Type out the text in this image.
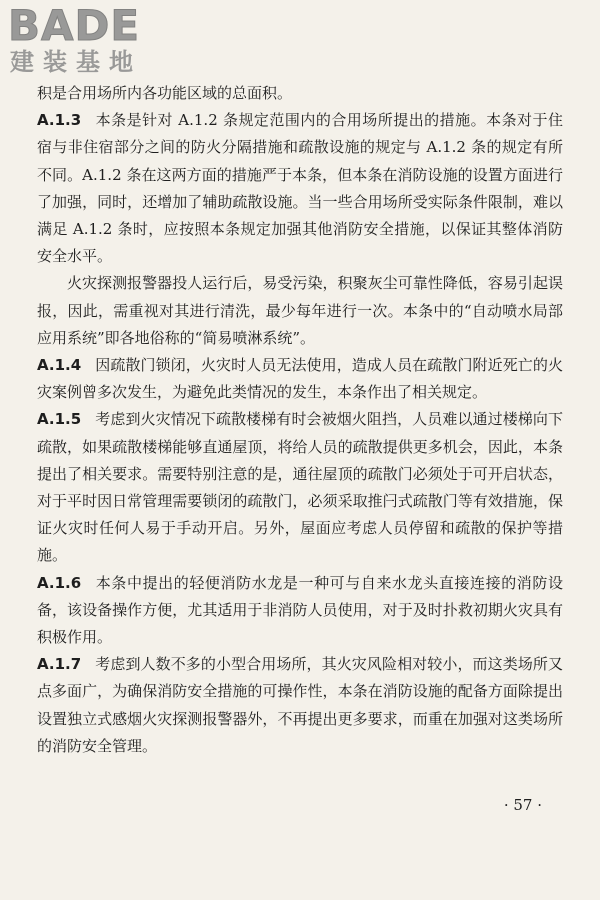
BADE
建装基地

积是合用场所内各功能区域的总面积。

A.1.3 本条是针对 A.1.2 条规定范围内的合用场所提出的措施。本条对于住宿与非住宿部分之间的防火分隔措施和疏散设施的规定与 A.1.2 条的规定有所不同。A.1.2 条在这两方面的措施严于本条，但本条在消防设施的设置方面进行了加强，同时，还增加了辅助疏散设施。当一些合用场所受实际条件限制，难以满足 A.1.2 条时，应按照本条规定加强其他消防安全措施，以保证其整体消防安全水平。

火灾探测报警器投人运行后，易受污染，积聚灰尘可靠性降低，容易引起误报，因此，需重视对其进行清洗，最少每年进行一次。本条中的“自动喷水局部应用系统”即各地俗称的“简易喷淋系统”。

A.1.4 因疏散门锁闭，火灾时人员无法使用，造成人员在疏散门附近死亡的火灾案例曾多次发生，为避免此类情况的发生，本条作出了相关规定。

A.1.5 考虑到火灾情况下疏散楼梯有时会被烟火阻挡，人员难以通过楼梯向下疏散，如果疏散楼梯能够直通屋顶，将给人员的疏散提供更多机会，因此，本条提出了相关要求。需要特别注意的是，通往屋顶的疏散门必须处于可开启状态，对于平时因日常管理需要锁闭的疏散门，必须采取推闩式疏散门等有效措施，保证火灾时任何人易于手动开启。另外，屋面应考虑人员停留和疏散的保护等措施。

A.1.6 本条中提出的轻便消防水龙是一种可与自来水龙头直接连接的消防设备，该设备操作方便，尤其适用于非消防人员使用，对于及时扑救初期火灾具有积极作用。

A.1.7 考虑到人数不多的小型合用场所，其火灾风险相对较小，而这类场所又点多面广，为确保消防安全措施的可操作性，本条在消防设施的配备方面除提出设置独立式感烟火灾探测报警器外，不再提出更多要求，而重在加强对这类场所的消防安全管理。

· 57 ·
